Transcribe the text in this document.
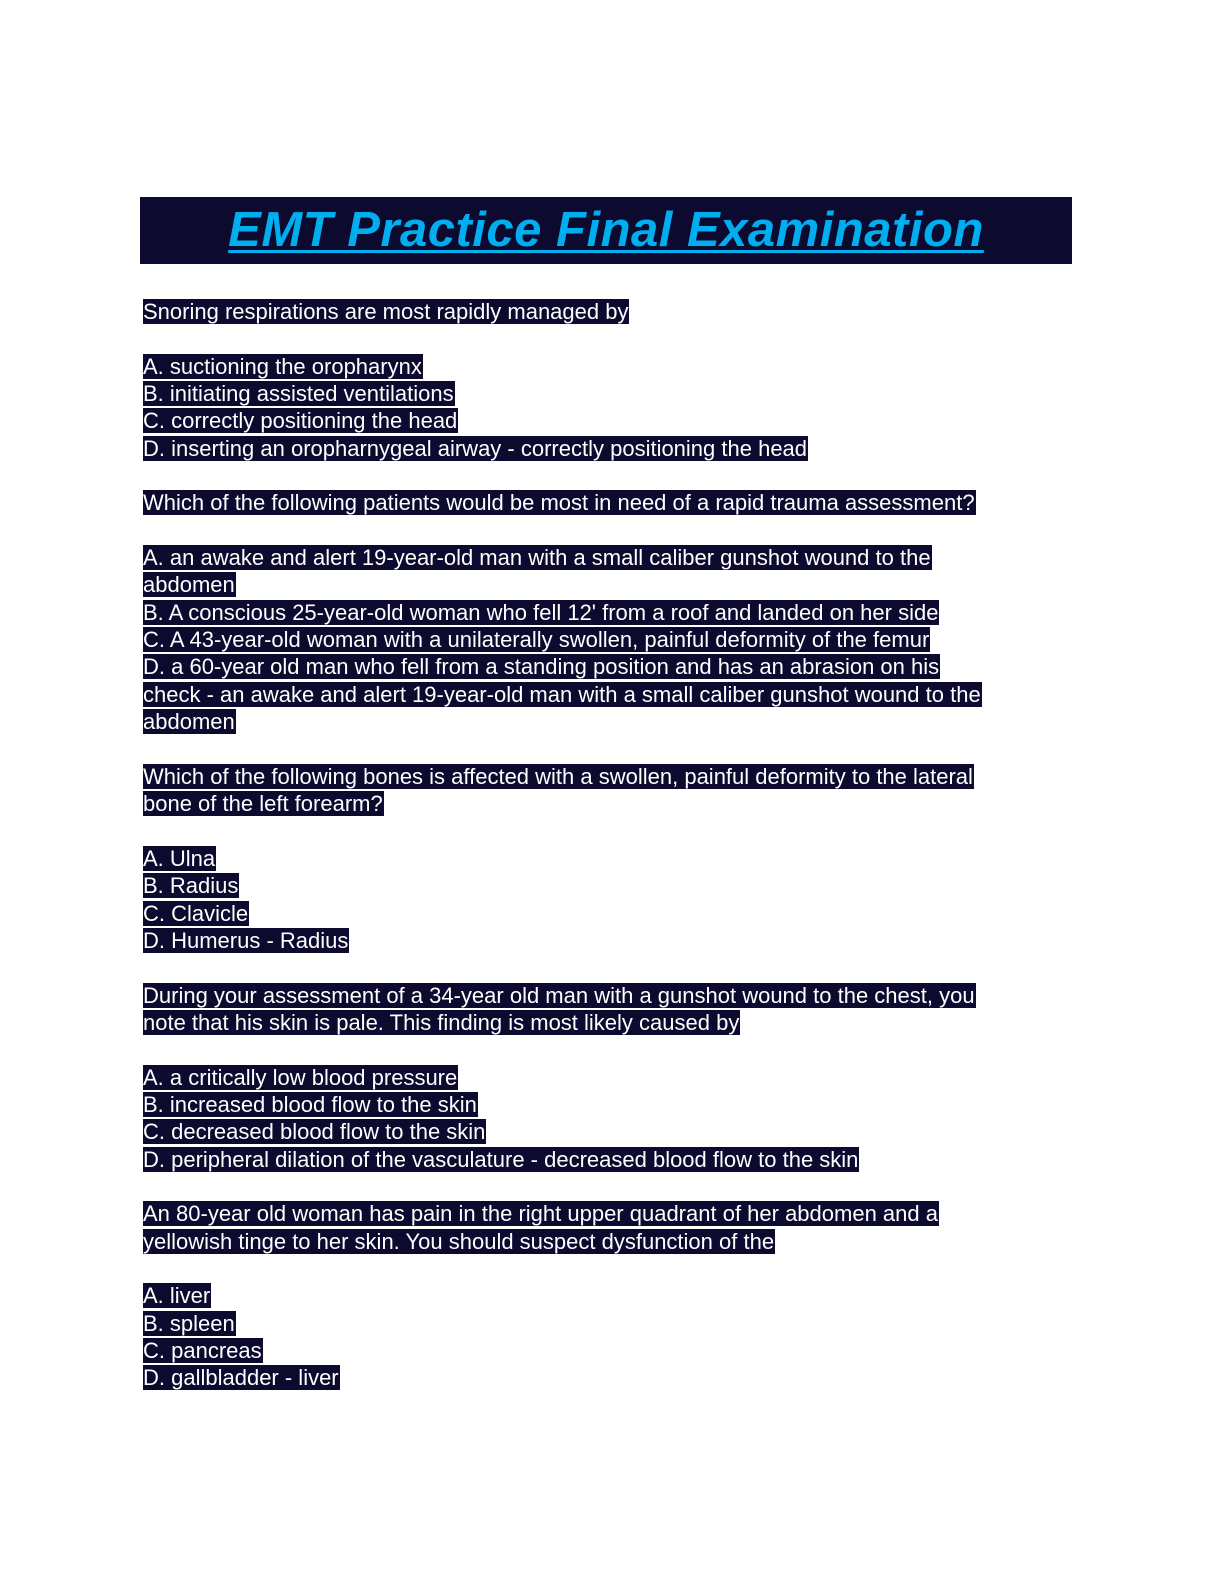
EMT Practice Final Examination
Snoring respirations are most rapidly managed by
A. suctioning the oropharynx
B. initiating assisted ventilations
C. correctly positioning the head
D. inserting an oropharnygeal airway - correctly positioning the head
Which of the following patients would be most in need of a rapid trauma assessment?
A. an awake and alert 19-year-old man with a small caliber gunshot wound to the
abdomen
B. A conscious 25-year-old woman who fell 12' from a roof and landed on her side
C. A 43-year-old woman with a unilaterally swollen, painful deformity of the femur
D. a 60-year old man who fell from a standing position and has an abrasion on his
check - an awake and alert 19-year-old man with a small caliber gunshot wound to the
abdomen
Which of the following bones is affected with a swollen, painful deformity to the lateral
bone of the left forearm?
A. Ulna
B. Radius
C. Clavicle
D. Humerus - Radius
During your assessment of a 34-year old man with a gunshot wound to the chest, you
note that his skin is pale. This finding is most likely caused by
A. a critically low blood pressure
B. increased blood flow to the skin
C. decreased blood flow to the skin
D. peripheral dilation of the vasculature - decreased blood flow to the skin
An 80-year old woman has pain in the right upper quadrant of her abdomen and a
yellowish tinge to her skin. You should suspect dysfunction of the
A. liver
B. spleen
C. pancreas
D. gallbladder - liver
